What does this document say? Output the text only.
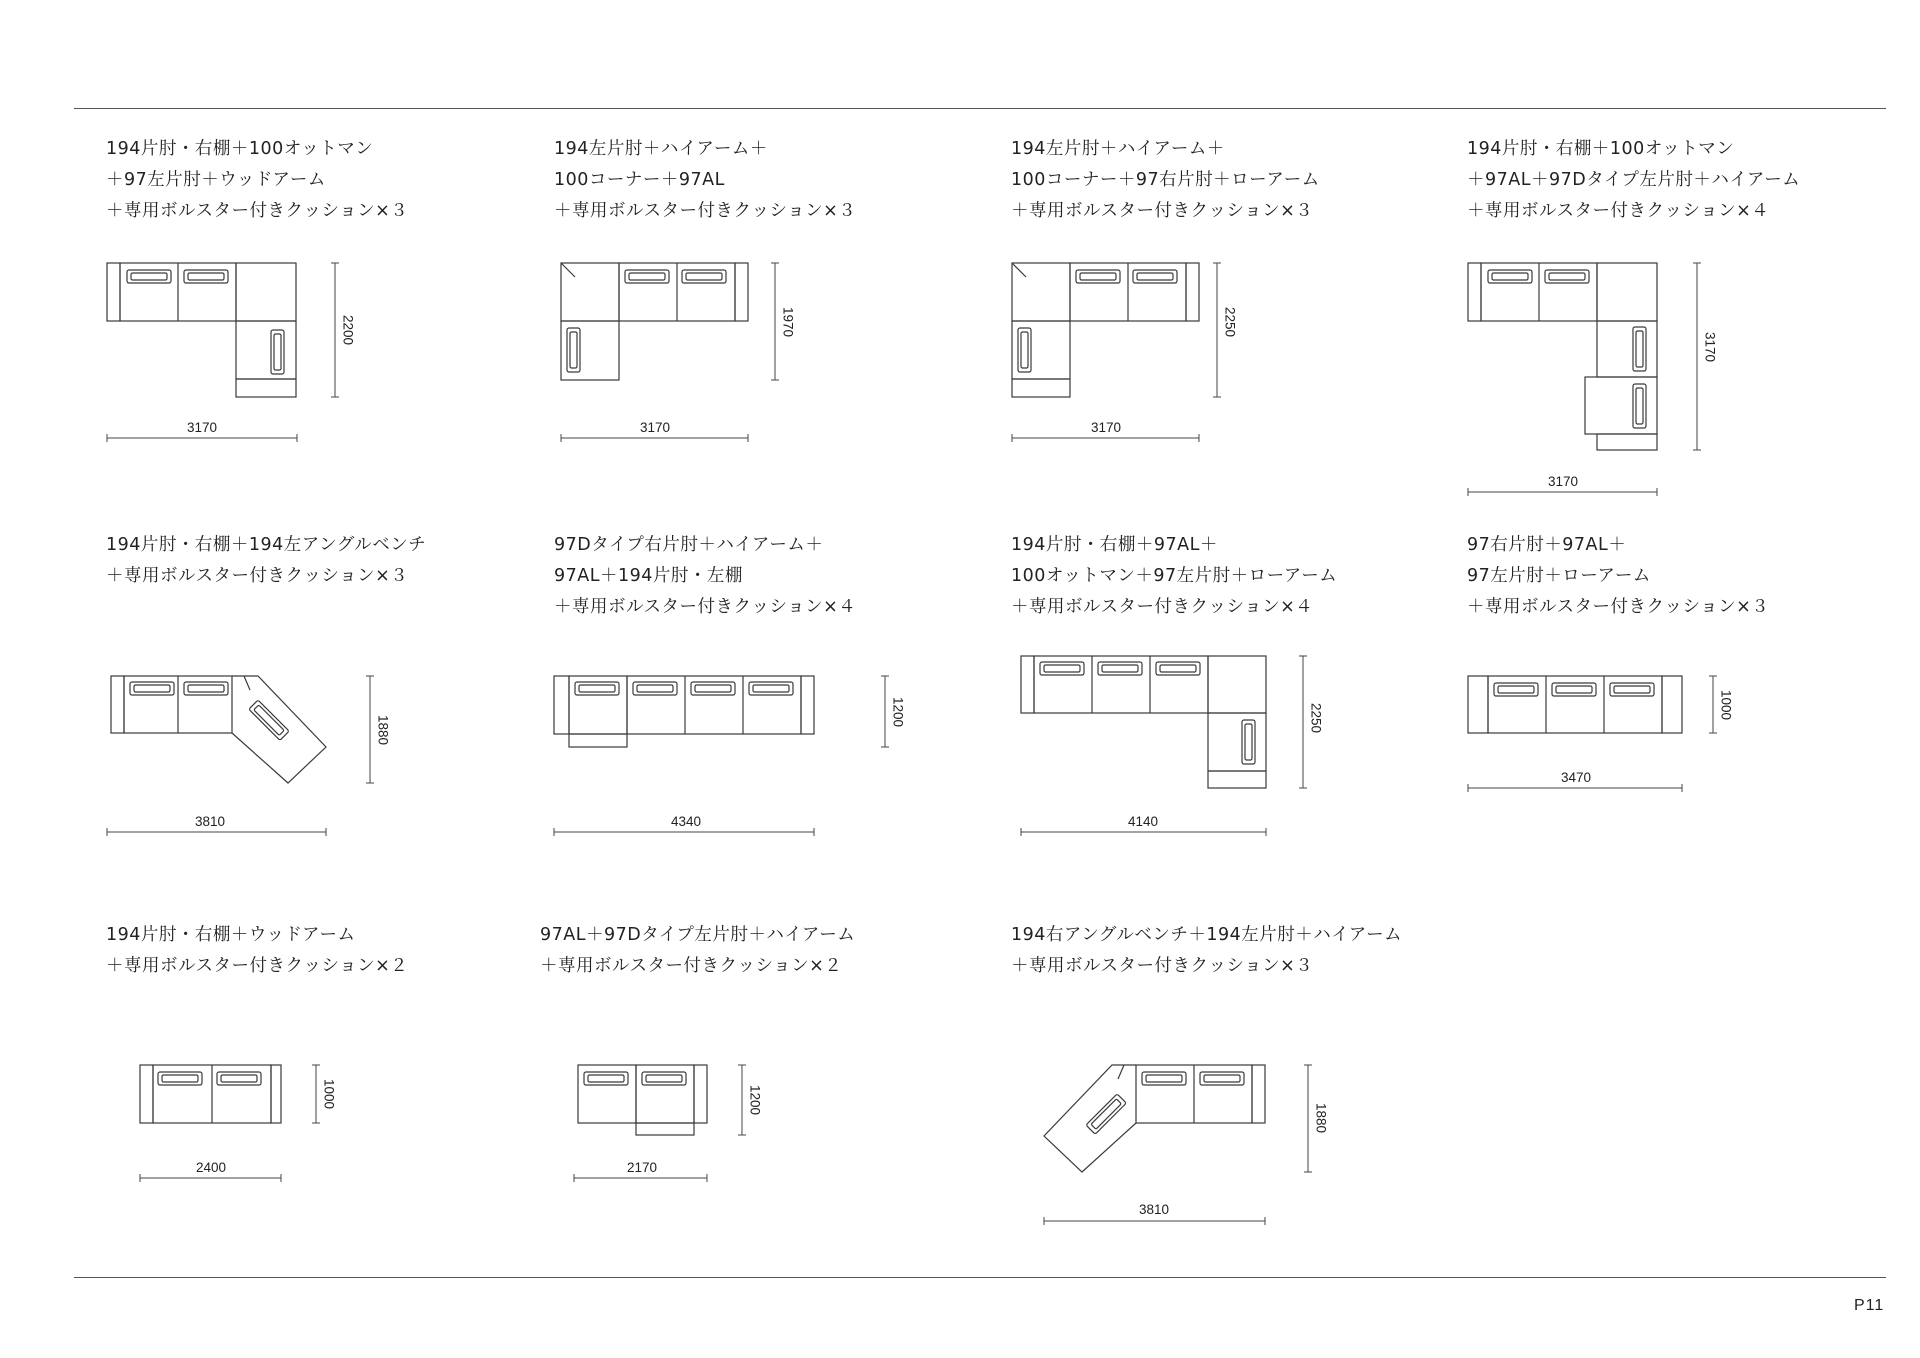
194片肘・右棚＋100オットマン
＋97左片肘＋ウッドアーム
＋専用ボルスター付きクッション×３
194左片肘＋ハイアーム＋
100コーナー＋97AL
＋専用ボルスター付きクッション×３
194左片肘＋ハイアーム＋
100コーナー＋97右片肘＋ローアーム
＋専用ボルスター付きクッション×３
194片肘・右棚＋100オットマン
＋97AL＋97Dタイプ左片肘＋ハイアーム
＋専用ボルスター付きクッション×４
194片肘・右棚＋194左アングルベンチ
＋専用ボルスター付きクッション×３
97Dタイプ右片肘＋ハイアーム＋
97AL＋194片肘・左棚
＋専用ボルスター付きクッション×４
194片肘・右棚＋97AL＋
100オットマン＋97左片肘＋ローアーム
＋専用ボルスター付きクッション×４
97右片肘＋97AL＋
97左片肘＋ローアーム
＋専用ボルスター付きクッション×３
194片肘・右棚＋ウッドアーム
＋専用ボルスター付きクッション×２
97AL＋97Dタイプ左片肘＋ハイアーム
＋専用ボルスター付きクッション×２
194右アングルベンチ＋194左片肘＋ハイアーム
＋専用ボルスター付きクッション×３
3170
2200
3170
1970
3170
2250
3170
3170
3810
1880
4340
1200
4140
2250
3470
1000
2400
1000
2170
1200
3810
1880
P11
